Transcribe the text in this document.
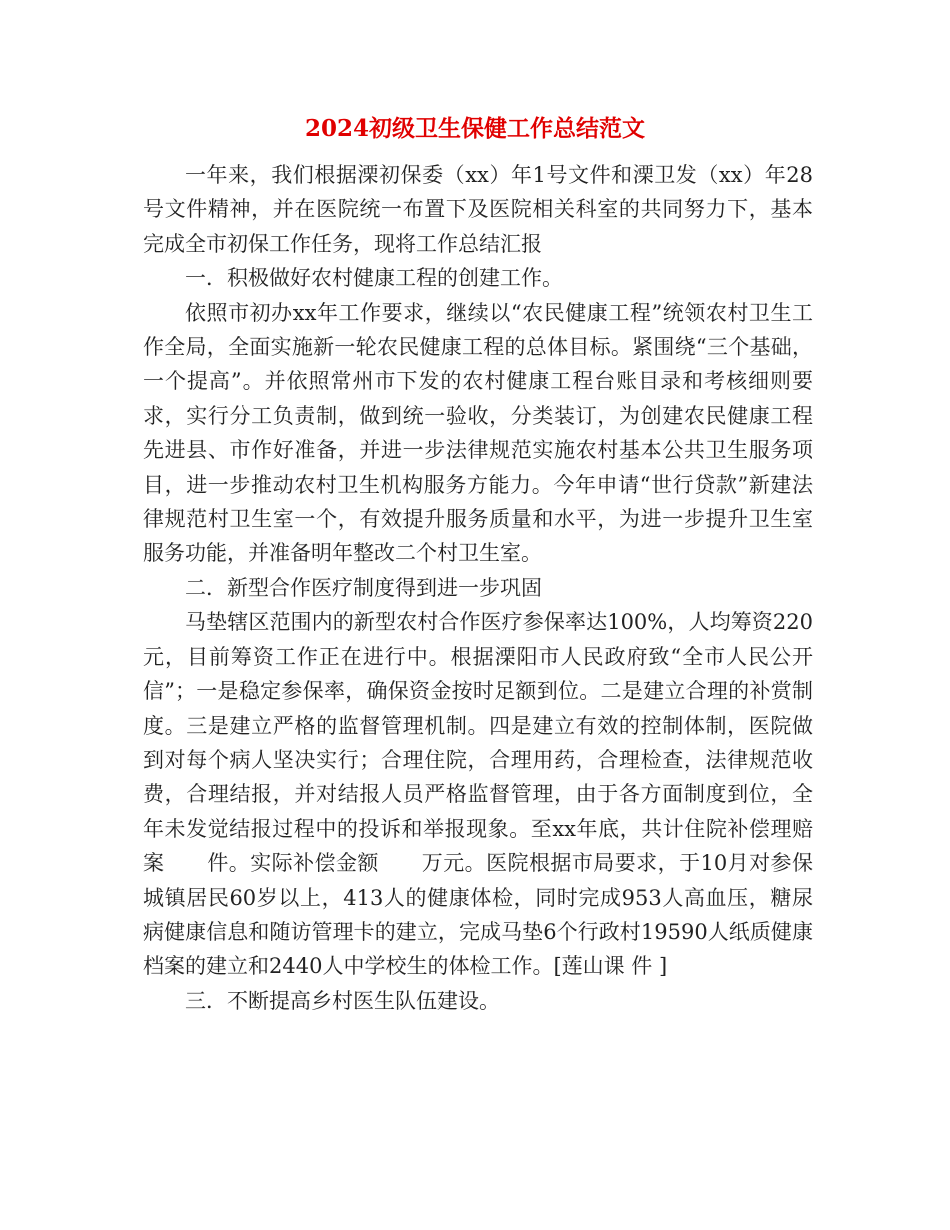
2024初级卫生保健工作总结范文

一年来，我们根据溧初保委（xx）年1号文件和溧卫发（xx）年28号文件精神，并在医院统一布置下及医院相关科室的共同努力下，基本完成全市初保工作任务，现将工作总结汇报

一．积极做好农村健康工程的创建工作。

依照市初办xx年工作要求，继续以“农民健康工程”统领农村卫生工作全局，全面实施新一轮农民健康工程的总体目标。紧围绕“三个基础，一个提高”。并依照常州市下发的农村健康工程台账目录和考核细则要求，实行分工负责制，做到统一验收，分类装订，为创建农民健康工程先进县、市作好准备，并进一步法律规范实施农村基本公共卫生服务项目，进一步推动农村卫生机构服务方能力。今年申请“世行贷款”新建法律规范村卫生室一个，有效提升服务质量和水平，为进一步提升卫生室服务功能，并准备明年整改二个村卫生室。

二．新型合作医疗制度得到进一步巩固

马垫辖区范围内的新型农村合作医疗参保率达100%，人均筹资220元，目前筹资工作正在进行中。根据溧阳市人民政府致“全市人民公开信”；一是稳定参保率，确保资金按时足额到位。二是建立合理的补赏制度。三是建立严格的监督管理机制。四是建立有效的控制体制，医院做到对每个病人坚决实行；合理住院，合理用药，合理检查，法律规范收费，合理结报，并对结报人员严格监督管理，由于各方面制度到位，全年未发觉结报过程中的投诉和举报现象。至xx年底，共计住院补偿理赔案　　件。实际补偿金额　　万元。医院根据市局要求，于10月对参保城镇居民60岁以上，413人的健康体检，同时完成953人高血压，糖尿病健康信息和随访管理卡的建立，完成马垫6个行政村19590人纸质健康档案的建立和2440人中学校生的体检工作。[莲山课 件 ]

三．不断提高乡村医生队伍建设。
